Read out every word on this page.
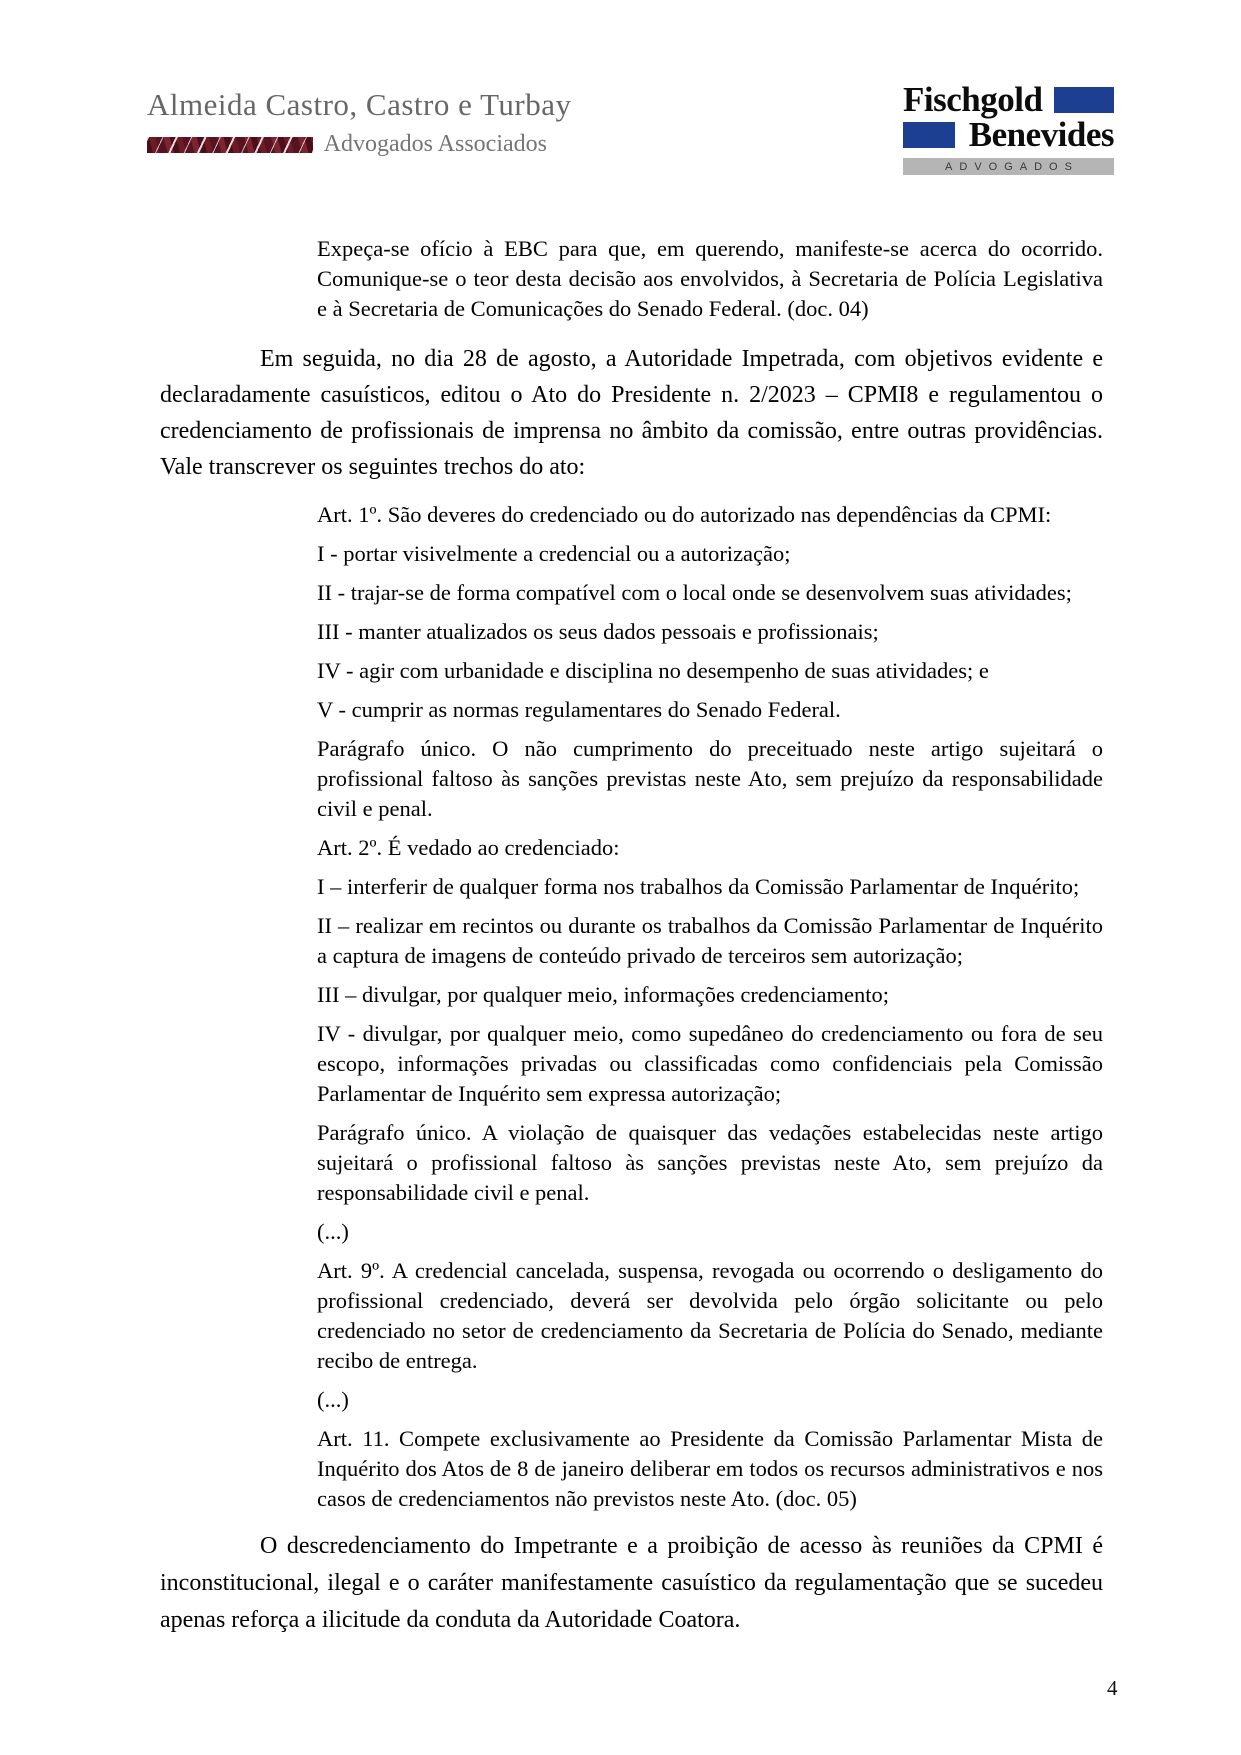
Almeida Castro, Castro e Turbay
Advogados Associados
Fischgold
Benevides
ADVOGADOS

Expeça-se ofício à EBC para que, em querendo, manifeste-se acerca do ocorrido. Comunique-se o teor desta decisão aos envolvidos, à Secretaria de Polícia Legislativa e à Secretaria de Comunicações do Senado Federal. (doc. 04)

Em seguida, no dia 28 de agosto, a Autoridade Impetrada, com objetivos evidente e declaradamente casuísticos, editou o Ato do Presidente n. 2/2023 – CPMI8 e regulamentou o credenciamento de profissionais de imprensa no âmbito da comissão, entre outras providências. Vale transcrever os seguintes trechos do ato:

Art. 1º. São deveres do credenciado ou do autorizado nas dependências da CPMI:

I - portar visivelmente a credencial ou a autorização;

II - trajar-se de forma compatível com o local onde se desenvolvem suas atividades;

III - manter atualizados os seus dados pessoais e profissionais;

IV - agir com urbanidade e disciplina no desempenho de suas atividades; e

V - cumprir as normas regulamentares do Senado Federal.

Parágrafo único. O não cumprimento do preceituado neste artigo sujeitará o profissional faltoso às sanções previstas neste Ato, sem prejuízo da responsabilidade civil e penal.

Art. 2º. É vedado ao credenciado:

I – interferir de qualquer forma nos trabalhos da Comissão Parlamentar de Inquérito;

II – realizar em recintos ou durante os trabalhos da Comissão Parlamentar de Inquérito a captura de imagens de conteúdo privado de terceiros sem autorização;

III – divulgar, por qualquer meio, informações credenciamento;

IV - divulgar, por qualquer meio, como supedâneo do credenciamento ou fora de seu escopo, informações privadas ou classificadas como confidenciais pela Comissão Parlamentar de Inquérito sem expressa autorização;

Parágrafo único. A violação de quaisquer das vedações estabelecidas neste artigo sujeitará o profissional faltoso às sanções previstas neste Ato, sem prejuízo da responsabilidade civil e penal.

(...)

Art. 9º. A credencial cancelada, suspensa, revogada ou ocorrendo o desligamento do profissional credenciado, deverá ser devolvida pelo órgão solicitante ou pelo credenciado no setor de credenciamento da Secretaria de Polícia do Senado, mediante recibo de entrega.

(...)

Art. 11. Compete exclusivamente ao Presidente da Comissão Parlamentar Mista de Inquérito dos Atos de 8 de janeiro deliberar em todos os recursos administrativos e nos casos de credenciamentos não previstos neste Ato. (doc. 05)

O descredenciamento do Impetrante e a proibição de acesso às reuniões da CPMI é inconstitucional, ilegal e o caráter manifestamente casuístico da regulamentação que se sucedeu apenas reforça a ilicitude da conduta da Autoridade Coatora.

4
